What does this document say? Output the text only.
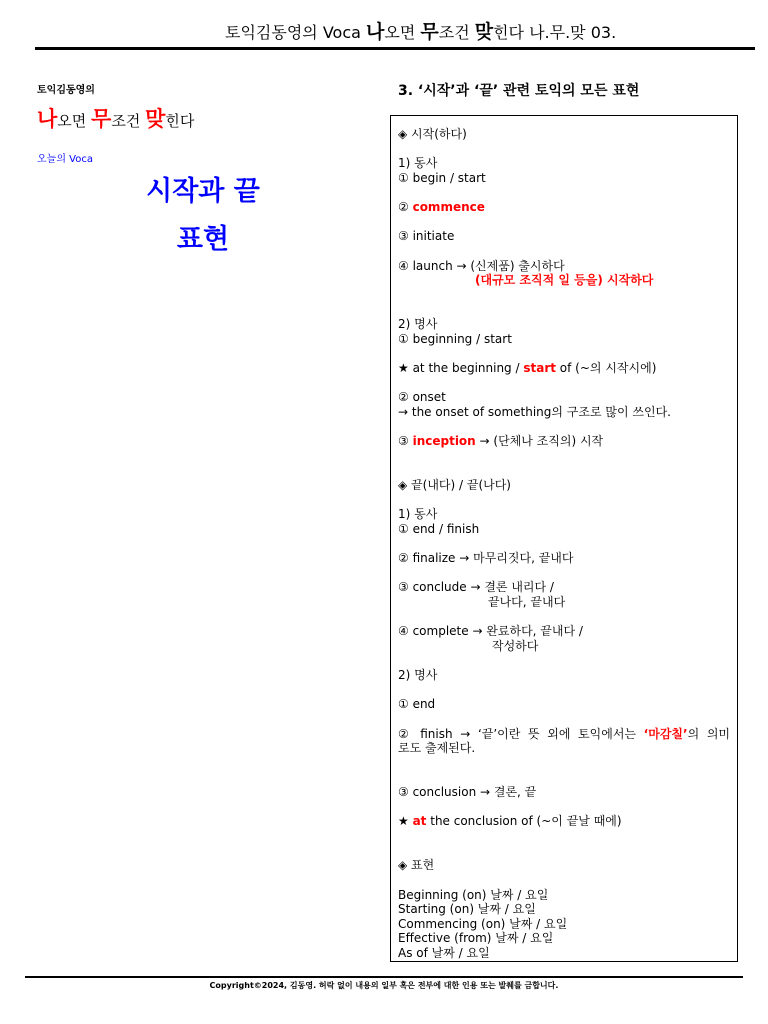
토익김동영의 Voca 나오면 무조건 맞힌다 나.무.맞 03.
토익김동영의
나오면 무조건 맞힌다
오늘의 Voca
시작과 끝
표현
3. ‘시작’과 ‘끝’ 관련 토익의 모든 표현
◈ 시작(하다)
1) 동사
① begin / start
② commence
③ initiate
④ launch → (신제품) 출시하다
(대규모 조직적 일 등을) 시작하다
2) 명사
① beginning / start
★ at the beginning / start of (~의 시작시에)
② onset
→ the onset of something의 구조로 많이 쓰인다.
③ inception → (단체나 조직의) 시작
◈ 끝(내다) / 끝(나다)
1) 동사
① end / finish
② finalize → 마무리짓다, 끝내다
③ conclude → 결론 내리다 /
끝나다, 끝내다
④ complete → 완료하다, 끝내다 /
작성하다
2) 명사
① end
② finish → ‘끝’이란 뜻 외에 토익에서는 ‘마감칠’의 의미
로도 출제된다.
③ conclusion → 결론, 끝
★ at the conclusion of (~이 끝날 때에)
◈ 표현
Beginning (on) 날짜 / 요일
Starting (on) 날짜 / 요일
Commencing (on) 날짜 / 요일
Effective (from) 날짜 / 요일
As of 날짜 / 요일
Copyright©2024, 김동영. 허락 없이 내용의 일부 혹은 전부에 대한 인용 또는 발췌를 금합니다.
